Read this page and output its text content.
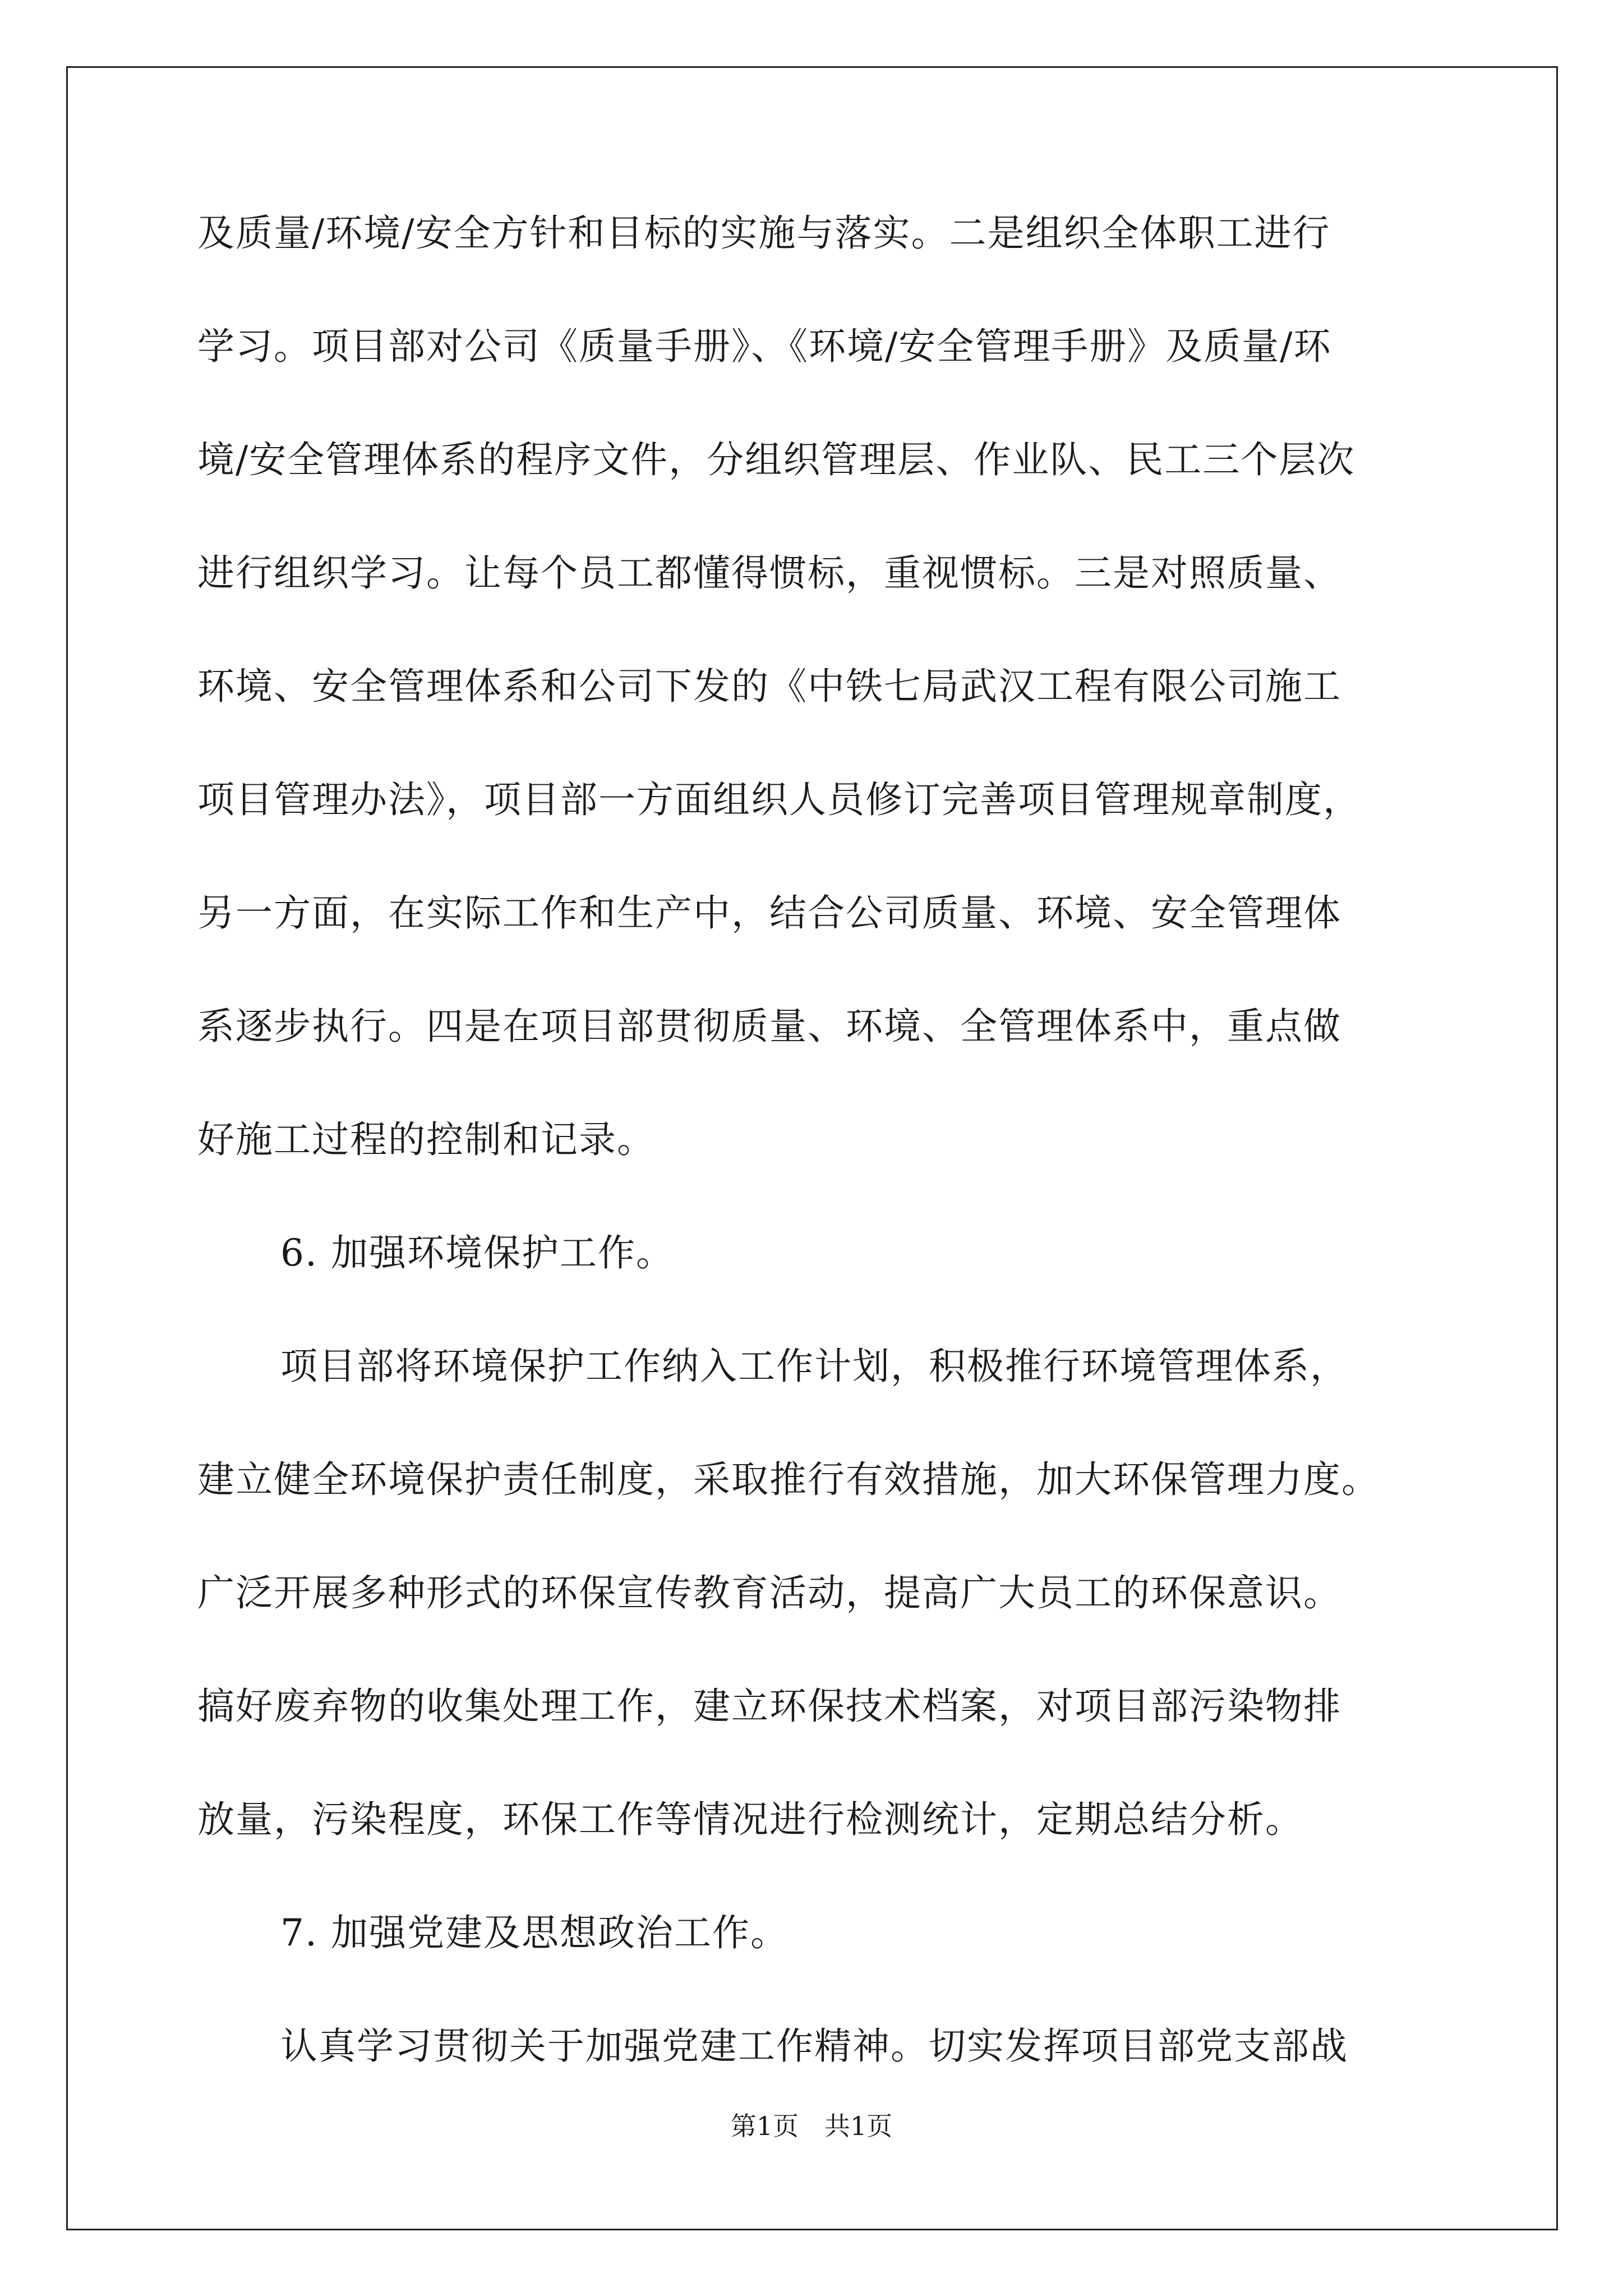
及质量/环境/安全方针和目标的实施与落实。二是组织全体职工进行
学习。项目部对公司《质量手册》、《环境/安全管理手册》及质量/环
境/安全管理体系的程序文件，分组织管理层、作业队、民工三个层次
进行组织学习。让每个员工都懂得惯标，重视惯标。三是对照质量、
环境、安全管理体系和公司下发的《中铁七局武汉工程有限公司施工
项目管理办法》，项目部一方面组织人员修订完善项目管理规章制度，
另一方面，在实际工作和生产中，结合公司质量、环境、安全管理体
系逐步执行。四是在项目部贯彻质量、环境、全管理体系中，重点做
好施工过程的控制和记录。
6. 加强环境保护工作。
项目部将环境保护工作纳入工作计划，积极推行环境管理体系，
建立健全环境保护责任制度，采取推行有效措施，加大环保管理力度。
广泛开展多种形式的环保宣传教育活动，提高广大员工的环保意识。
搞好废弃物的收集处理工作，建立环保技术档案，对项目部污染物排
放量，污染程度，环保工作等情况进行检测统计，定期总结分析。
7. 加强党建及思想政治工作。
认真学习贯彻关于加强党建工作精神。切实发挥项目部党支部战
第1页　共1页
